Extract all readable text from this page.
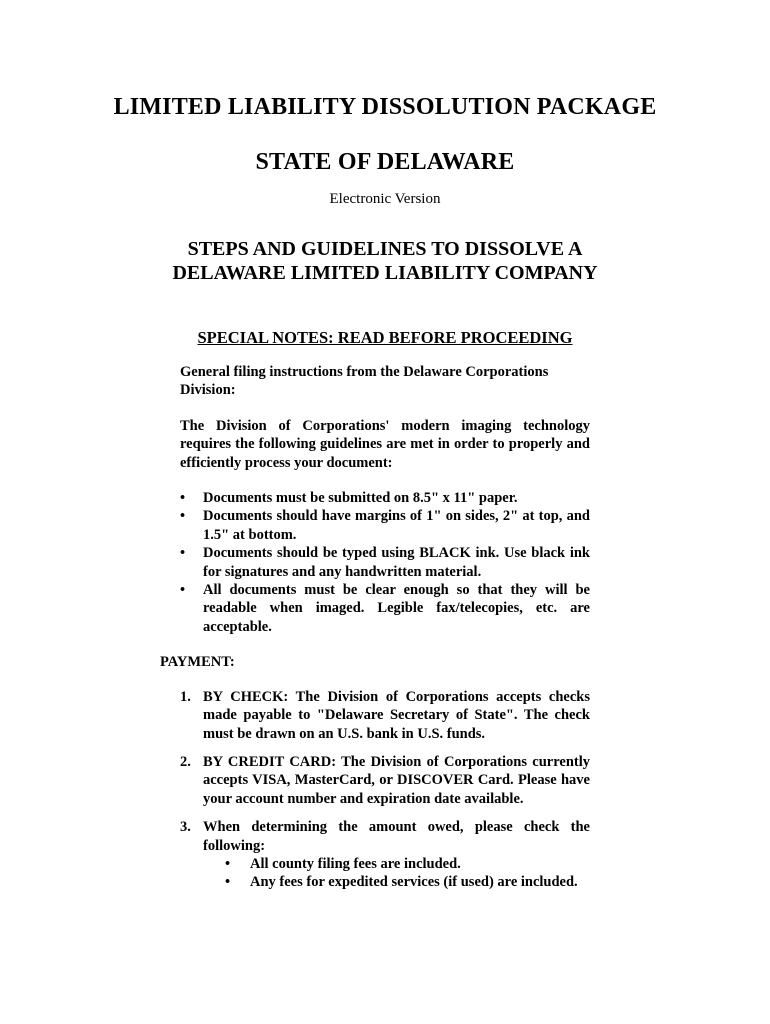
LIMITED LIABILITY DISSOLUTION PACKAGE
STATE OF DELAWARE
Electronic Version
STEPS AND GUIDELINES TO DISSOLVE A
DELAWARE LIMITED LIABILITY COMPANY
SPECIAL NOTES: READ BEFORE PROCEEDING

General filing instructions from the Delaware Corporations Division:

The Division of Corporations' modern imaging technology requires the following guidelines are met in order to properly and efficiently process your document:

•	Documents must be submitted on 8.5" x 11" paper.
•	Documents should have margins of 1" on sides, 2" at top, and 1.5" at bottom.
•	Documents should be typed using BLACK ink. Use black ink for signatures and any handwritten material.
•	All documents must be clear enough so that they will be readable when imaged. Legible fax/telecopies, etc. are acceptable.
PAYMENT:
1. BY CHECK: The Division of Corporations accepts checks made payable to "Delaware Secretary of State". The check must be drawn on an U.S. bank in U.S. funds.
2. BY CREDIT CARD: The Division of Corporations currently accepts VISA, MasterCard, or DISCOVER Card. Please have your account number and expiration date available.
3. When determining the amount owed, please check the following:
•	All county filing fees are included.
•	Any fees for expedited services (if used) are included.
